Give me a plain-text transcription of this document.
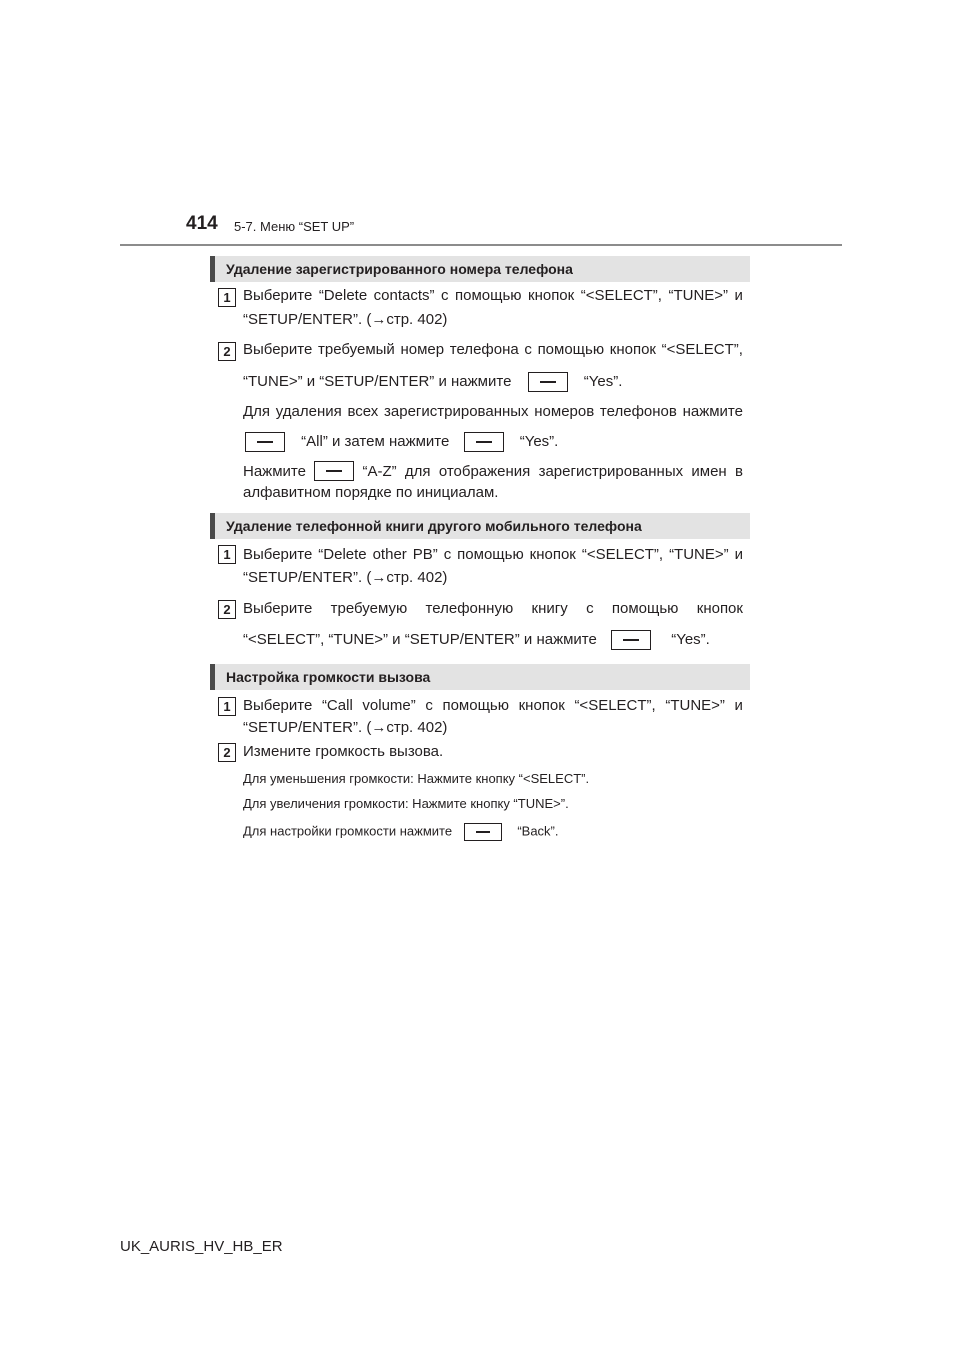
414 5-7. Меню “SET UP”
Удаление зарегистрированного номера телефона
1 Выберите “Delete contacts” с помощью кнопок “<SELECT”, “TUNE>” и
“SETUP/ENTER”. (→стр. 402)
2 Выберите требуемый номер телефона с помощью кнопок “<SELECT”,
“TUNE>” и “SETUP/ENTER” и нажмите	“Yes”.
Для удаления всех зарегистрированных номеров телефонов нажмите
“All” и затем нажмите	“Yes”.
Нажмите	“A-Z” для отображения зарегистрированных имен в
алфавитном порядке по инициалам.
Удаление телефонной книги другого мобильного телефона
1 Выберите “Delete other PB” с помощью кнопок “<SELECT”, “TUNE>” и
“SETUP/ENTER”. (→стр. 402)
2 Выберите требуемую телефонную книгу с помощью кнопок
“<SELECT”, “TUNE>” и “SETUP/ENTER” и нажмите	“Yes”.
Настройка громкости вызова
1 Выберите “Call volume” с помощью кнопок “<SELECT”, “TUNE>” и
“SETUP/ENTER”. (→стр. 402)
2 Измените громкость вызова.
Для уменьшения громкости: Нажмите кнопку “<SELECT”.
Для увеличения громкости: Нажмите кнопку “TUNE>”.
Для настройки громкости нажмите	“Back”.
UK_AURIS_HV_HB_ER
